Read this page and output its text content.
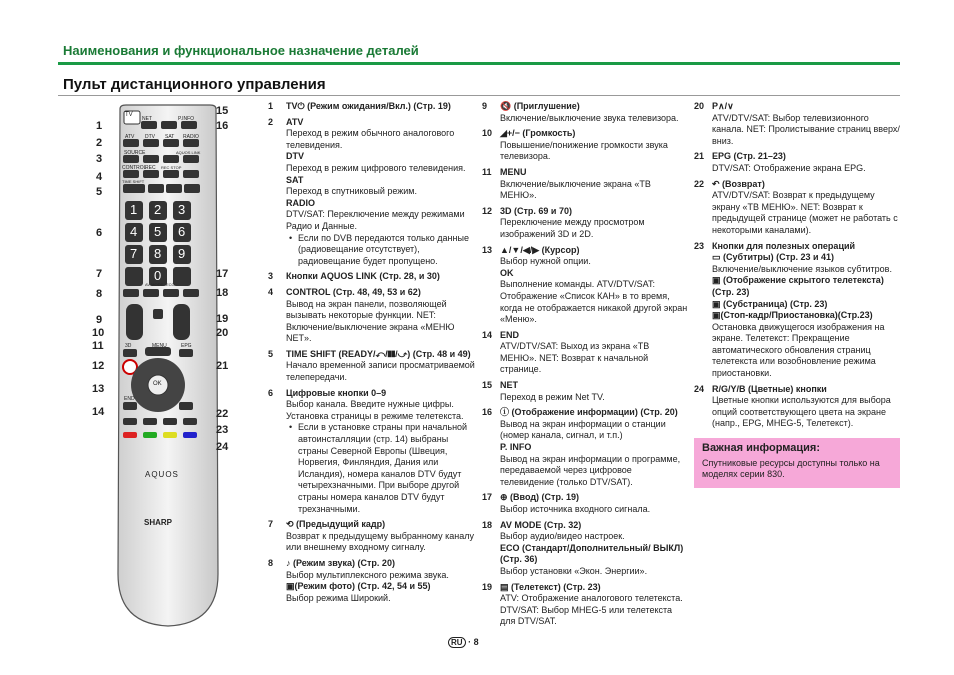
Наименования и функциональное назначение деталей
Пульт дистанционного управления
TV
NET	P.INFO
ATV DTV SAT RADIO
SOURCE	AQUOS LINK
CONTROL
REC REC STOP
TIME SHIFT
1 2 3
4 5 6
7 8 9
0
AV MODE ECO
3D	MENU	EPG
OK
END
AQUOS
SHARP
1
2
3
4
5
6
7
8
9
10
11
12
13
14
15
16
17
18
19
20
21
22
23
24
1 TV⏻ (Режим ожидания/Вкл.) (Стр. 19)
2 ATV
Переход в режим обычного аналогового телевидения.
DTV
Переход в режим цифрового телевидения.
SAT
Переход в спутниковый режим.
RADIO
DTV/SAT: Переключение между режимами Радио и Данные.
• Если по DVB передаются только данные (радиовещание отсутствует), радиовещание будет пропущено.
3 Кнопки AQUOS LINK (Стр. 28, и 30)
4 CONTROL (Стр. 48, 49, 53 и 62)
Вывод на экран панели, позволяющей вызывать некоторые функции. NET: Включение/выключение экрана «МЕНЮ NET».
5 TIME SHIFT (READY/⤺/❚❚/⤻) (Стр. 48 и 49)
Начало временной записи просматриваемой телепередачи.
6 Цифровые кнопки 0–9
Выбор канала. Введите нужные цифры. Установка страницы в режиме телетекста.
• Если в установке страны при начальной автоинсталляции (стр. 14) выбраны страны Северной Европы (Швеция, Норвегия, Финляндия, Дания или Исландия), номера каналов DTV будут четырехзначными. При выборе другой страны номера каналов DTV будут трехзначными.
7 ⟲ (Предыдущий кадр)
Возврат к предыдущему выбранному каналу или внешнему входному сигналу.
8 ♪ (Режим звука) (Стр. 20)
Выбор мультиплексного режима звука.
▣(Режим фото) (Стр. 42, 54 и 55)
Выбор режима Широкий.
9 🔇 (Приглушение)
Включение/выключение звука телевизора.
10 ◢+/− (Громкость)
Повышение/понижение громкости звука телевизора.
11 MENU
Включение/выключение экрана «ТВ МЕНЮ».
12 3D (Стр. 69 и 70)
Переключение между просмотром изображений 3D и 2D.
13 ▲/▼/◀/▶ (Курсор)
Выбор нужной опции.
OK
Выполнение команды. ATV/DTV/SAT: Отображение «Список КАН» в то время, когда не отображается никакой другой экран «Меню».
14 END
ATV/DTV/SAT: Выход из экрана «ТВ МЕНЮ». NET: Возврат к начальной странице.
15 NET
Переход в режим Net TV.
16 ⓘ (Отображение информации) (Стр. 20)
Вывод на экран информации о станции (номер канала, сигнал, и т.п.)
P. INFO
Вывод на экран информации о программе, передаваемой через цифровое телевидение (только DTV/SAT).
17 ⊕ (Ввод) (Стр. 19)
Выбор источника входного сигнала.
18 AV MODE (Стр. 32)
Выбор аудио/видео настроек.
ECO (Стандарт/Дополнительный/ ВЫКЛ) (Стр. 36)
Выбор установки «Экон. Энергии».
19 ▤ (Телетекст) (Стр. 23)
ATV: Отображение аналогового телетекста. DTV/SAT: Выбор MHEG-5 или телетекста для DTV/SAT.
20 P∧/∨
ATV/DTV/SAT: Выбор телевизионного канала. NET: Пролистывание страниц вверх/ вниз.
21 EPG (Стр. 21–23)
DTV/SAT: Отображение экрана EPG.
22 ↶ (Возврат)
ATV/DTV/SAT: Возврат к предыдущему экрану «ТВ МЕНЮ». NET: Возврат к предыдущей странице (может не работать с некоторыми каналами).
23 Кнопки для полезных операций
▭ (Субтитры) (Стр. 23 и 41)
Включение/выключение языков субтитров.
▣ (Отображение скрытого телетекста) (Стр. 23)
▣ (Субстраница) (Стр. 23)
▣(Стоп-кадр/Приостановка)(Стр.23)
Остановка движущегося изображения на экране. Телетекст: Прекращение автоматического обновления страниц телетекста или возобновление режима приостановки.
24 R/G/Y/B (Цветные) кнопки
Цветные кнопки используются для выбора опций соответствующего цвета на экране (напр., EPG, MHEG-5, Телетекст).
Важная информация:
Спутниковые ресурсы доступны только на моделях серии 830.
RU · 8
